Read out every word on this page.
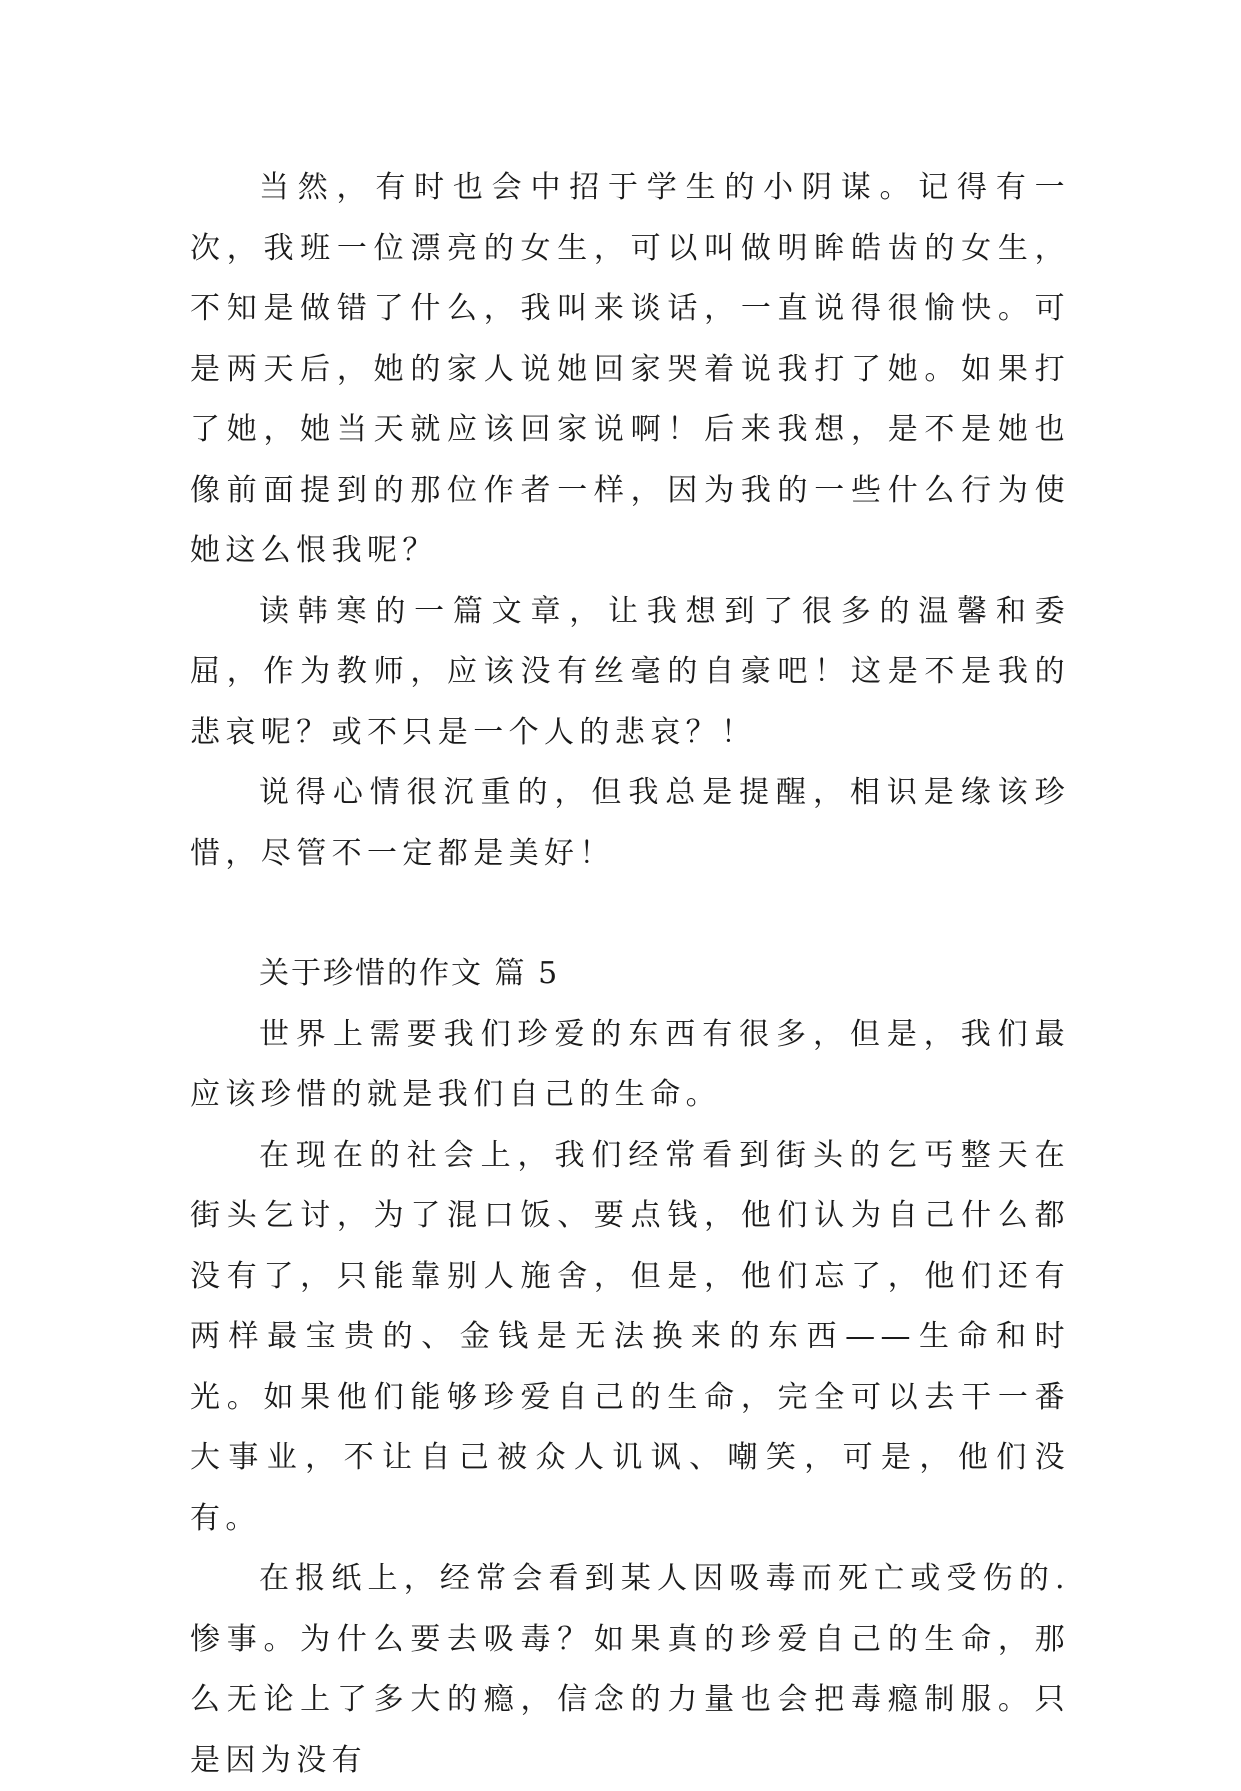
当然，有时也会中招于学生的小阴谋。记得有一次，我班一位漂亮的女生，可以叫做明眸皓齿的女生，不知是做错了什么，我叫来谈话，一直说得很愉快。可是两天后，她的家人说她回家哭着说我打了她。如果打了她，她当天就应该回家说啊！后来我想，是不是她也像前面提到的那位作者一样，因为我的一些什么行为使她这么恨我呢？

读韩寒的一篇文章，让我想到了很多的温馨和委屈，作为教师，应该没有丝毫的自豪吧！这是不是我的悲哀呢？或不只是一个人的悲哀？！

说得心情很沉重的，但我总是提醒，相识是缘该珍惜，尽管不一定都是美好！

关于珍惜的作文 篇 5

世界上需要我们珍爱的东西有很多，但是，我们最应该珍惜的就是我们自己的生命。

在现在的社会上，我们经常看到街头的乞丐整天在街头乞讨，为了混口饭、要点钱，他们认为自己什么都没有了，只能靠别人施舍，但是，他们忘了，他们还有两样最宝贵的、金钱是无法换来的东西——生命和时光。如果他们能够珍爱自己的生命，完全可以去干一番大事业，不让自己被众人讥讽、嘲笑，可是，他们没有。

在报纸上，经常会看到某人因吸毒而死亡或受伤的.惨事。为什么要去吸毒？如果真的珍爱自己的生命，那么无论上了多大的瘾，信念的力量也会把毒瘾制服。只是因为没有
